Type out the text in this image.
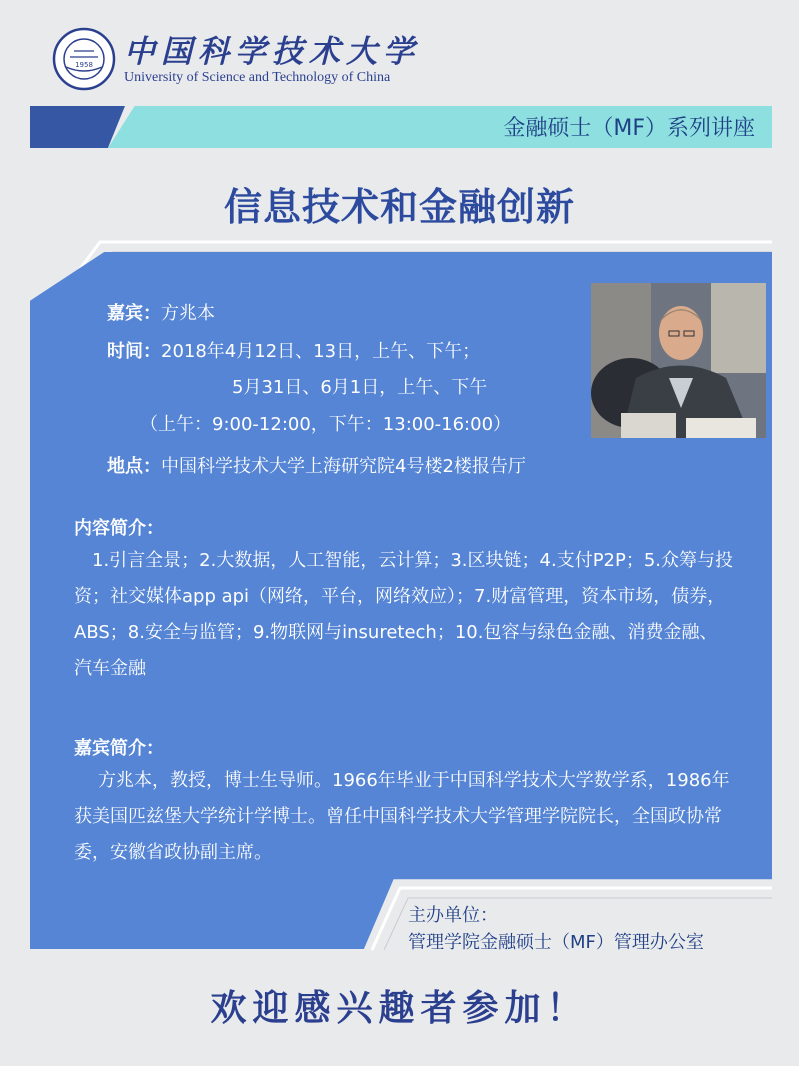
1958 中国科学技术大学
University of Science and Technology of China
金融硕士（MF）系列讲座
信息技术和金融创新
嘉宾：方兆本
时间：2018年4月12日、13日，上午、下午；
5月31日、6月1日，上午、下午
（上午：9:00-12:00，下午：13:00-16:00）
地点：中国科学技术大学上海研究院4号楼2楼报告厅
内容简介：
1.引言全景；2.大数据，人工智能，云计算；3.区块链；4.支付P2P；5.众筹与投资；社交媒体app api（网络，平台，网络效应）；7.财富管理，资本市场，债券，ABS；8.安全与监管；9.物联网与insuretech；10.包容与绿色金融、消费金融、汽车金融
嘉宾简介：
方兆本，教授，博士生导师。1966年毕业于中国科学技术大学数学系，1986年获美国匹兹堡大学统计学博士。曾任中国科学技术大学管理学院院长，全国政协常委，安徽省政协副主席。
主办单位：
管理学院金融硕士（MF）管理办公室
欢迎感兴趣者参加！
